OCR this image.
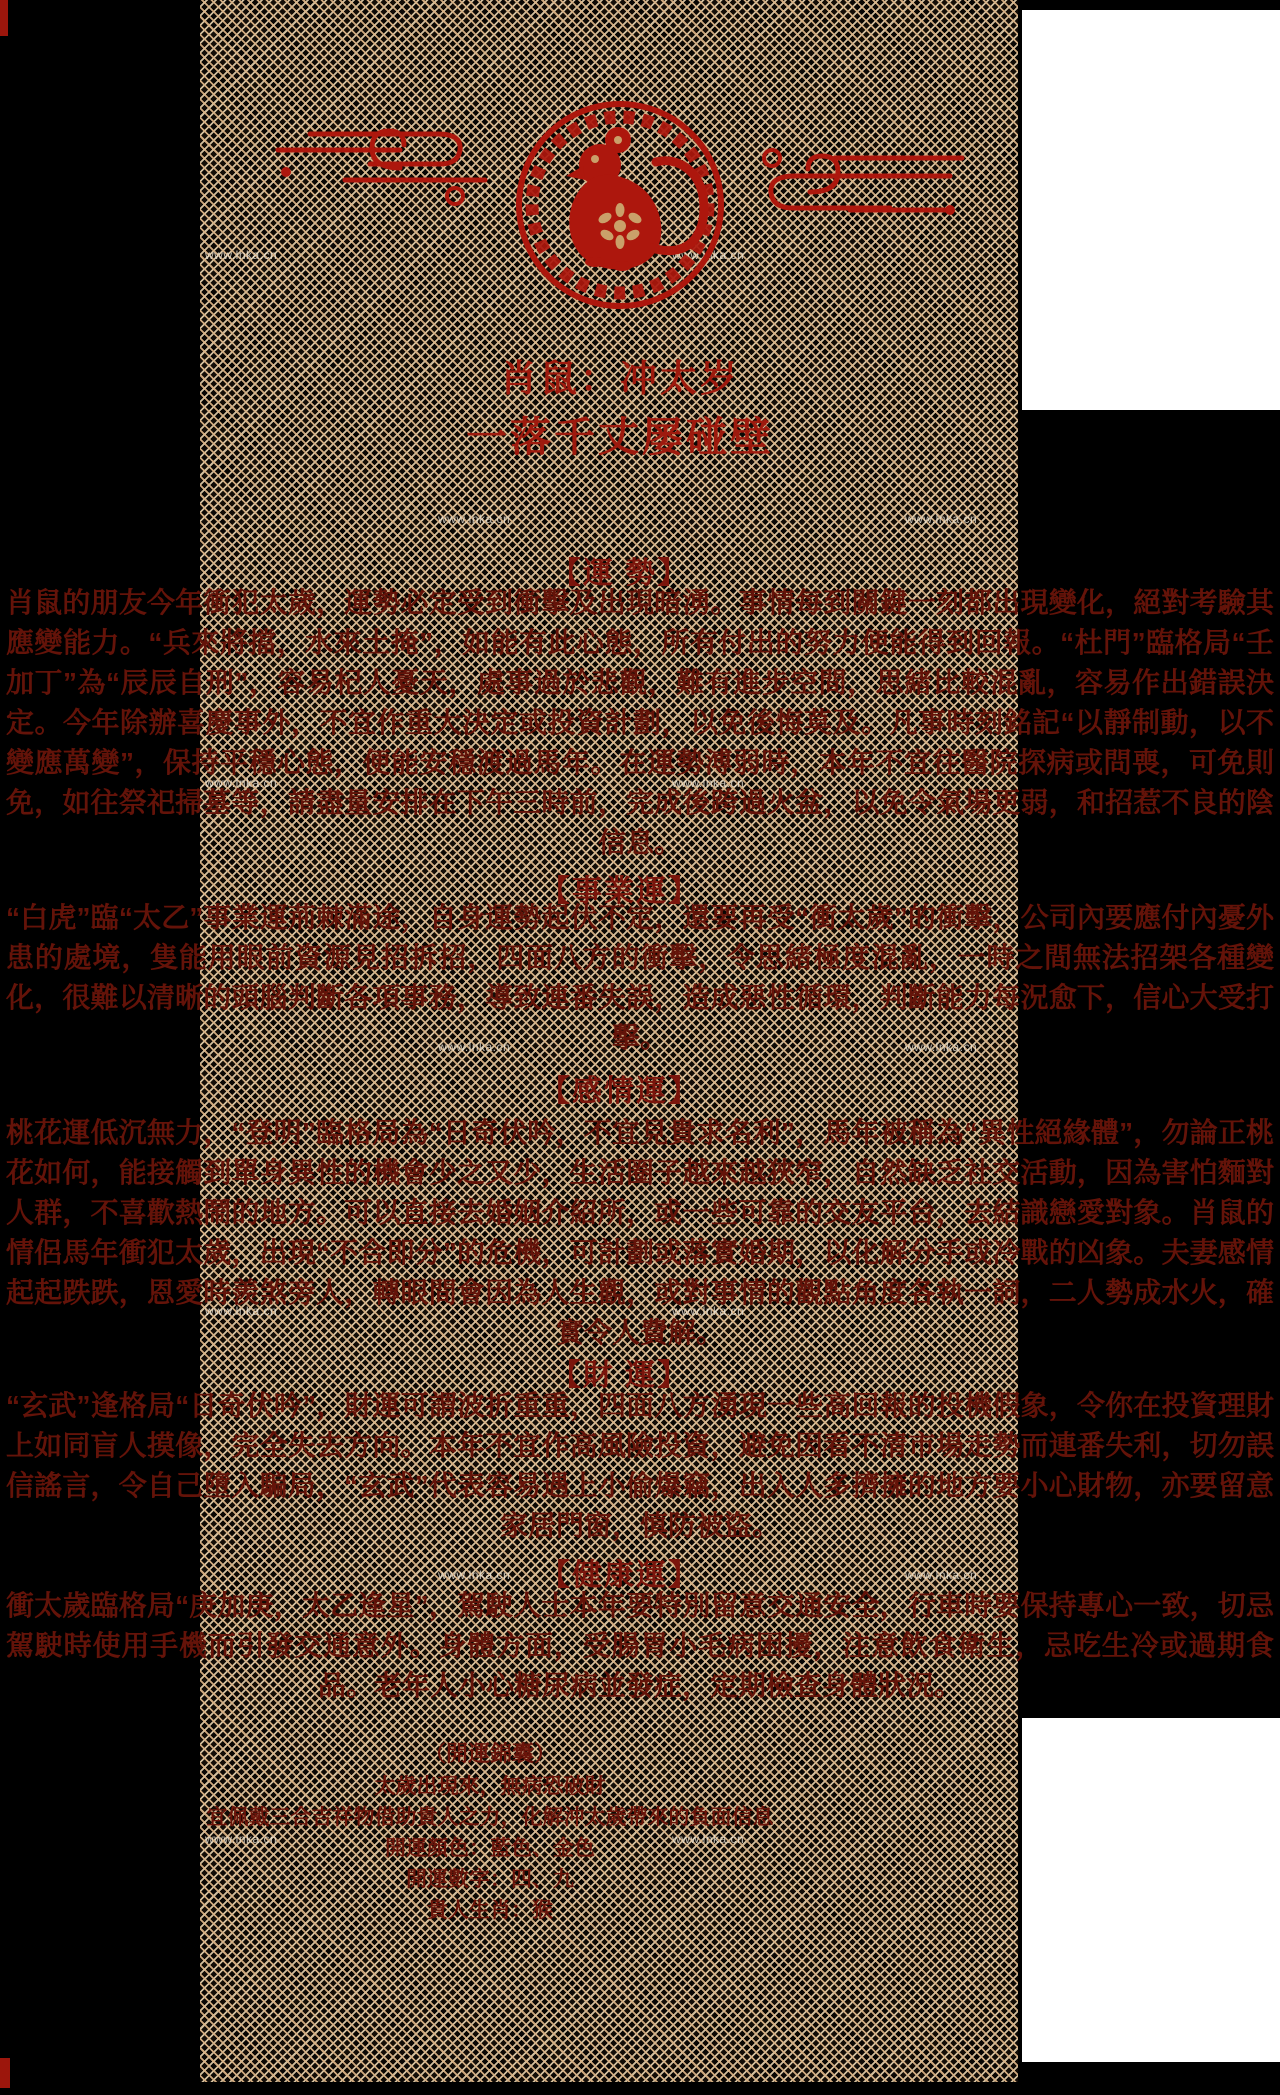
www.lnka.cn	www.lnka.cn
www.lnka.cn	www.lnka.cn
www.lnka.cn	www.lnka.cn
www.lnka.cn	www.lnka.cn
www.lnka.cn	www.lnka.cn
www.lnka.cn	www.lnka.cn
www.lnka.cn	www.lnka.cn
肖鼠：冲太岁
一落千丈屡碰壁
【運 勢】
肖鼠的朋友今年衝犯太歲，運勢必定受到衝擊及出現暗湧。事情每到關鍵一刻都出現變化，絕對考驗其應變能力。“兵來將擋，水來土掩”，如能有此心態，所有付出的努力便能得到回報。“杜門”臨格局“壬加丁”為“辰辰自刑”，容易杞人憂天，處事過於悲觀，難有進步空間，思緒比較混亂，容易作出錯誤決定。今年除辦喜慶事外，不宜作重大決定或投資計劃，以免後悔莫及。凡事時刻銘記“以靜制動，以不變應萬變”，保持平穩心態，便能安穩渡過馬年。在運勢溥弱時，本年不宜往醫院探病或問喪，可免則免，如往祭祀掃墓等，請盡量安排在下午三時前，完成後跨過火盆，以免令氣場更弱，和招惹不良的陰信息。
【事業運】
“白虎”臨“太乙”事業運荊棘滿途，自身運勢起伏不定，還要再受“衝太歲”的衝擊，公司內要應付內憂外患的處境，隻能用眼前資源見招拆招，四面八方的衝擊，令思緒極度混亂，一時之間無法招架各種變化，很難以清晰的頭腦判斷各項事務，導致連番失誤，造成惡性循環，判斷能力每況愈下，信心大受打擊。
【感情運】
桃花運低沉無力，“登明”臨格局為“日奇伏吟，不宜見貴求名利”，馬年被稱為“異性絕緣體”，勿論正桃花如何，能接觸到單身異性的機會少之又少，生活圈子越來越狹窄，自然缺乏社交活動，因為害怕麵對人群，不喜歡熱鬧的地方。可以直接去婚姻介紹所，或一些可靠的交友平台，去結識戀愛對象。肖鼠的情侶馬年衝犯太歲，出現“不合即分”的危機，可計劃或落實婚期，以化解分手或冷戰的凶象。夫妻感情起起跌跌，恩愛時羨煞旁人，轉眼間會因為人生觀，或對事情的觀點角度各執一詞，二人勢成水火，確實令人費解。
【財 運】
“玄武”逢格局“日奇伏吟”，財運可謂波折重重，四面八方湧現一些高回報的投機假象，令你在投資理財上如同盲人摸像，完全失去方向。本年不宜作高風險投資，避免因看不清市場走勢而連番失利，切勿誤信謠言，令自己墮入騙局，“玄武”代表容易遇上小偷爆竊，出入人多擠擁的地方要小心財物，亦要留意家居門窗，慎防被盜。
【健康運】
衝太歲臨格局“庚加庚，太乙逢星”，駕駛人士本年要特別留意交通安全，行車時要保持專心一致，切忌駕駛時使用手機而引發交通意外。身體方面，受腸胃小毛病困擾，注意飲食衛生，忌吃生冷或過期食品。老年人小心糖尿病並發症，定期檢查身體狀況。
（開運錦囊）
太歲出現來，無病恐破財
宜佩戴三合吉祥物借助貴人之力，化解沖太歲帶來的負面信息
開運顏色：藍色、金色
開運數字：四、九
貴人生肖：猴
